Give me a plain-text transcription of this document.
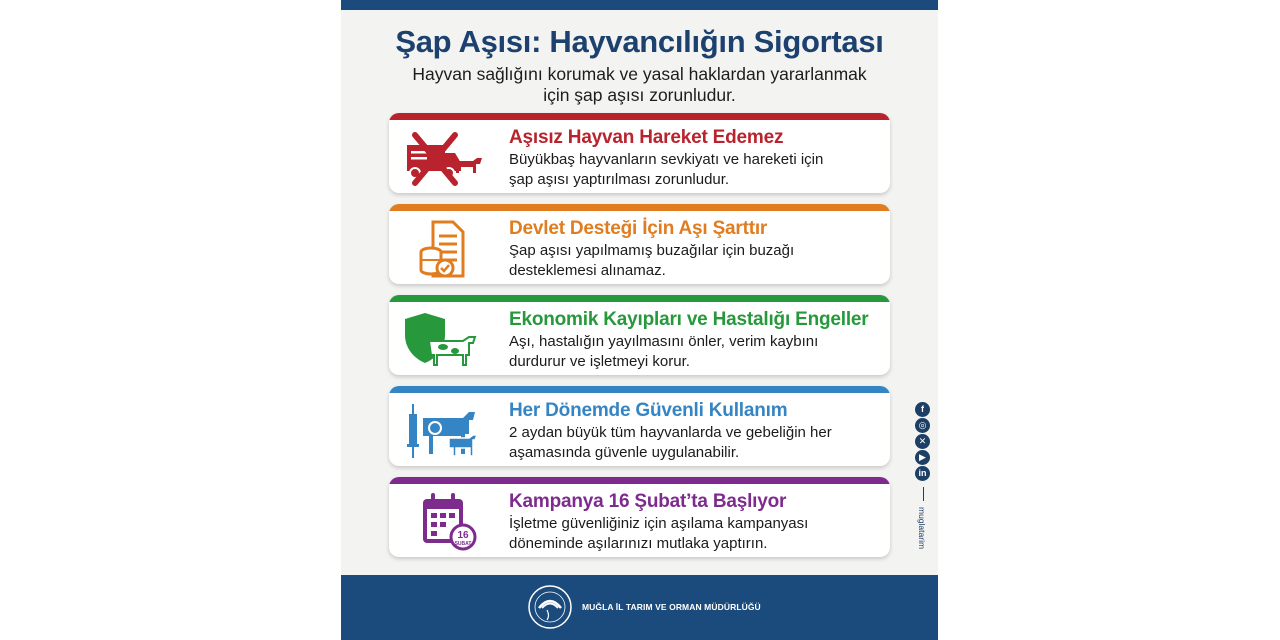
Şap Aşısı: Hayvancılığın Sigortası
Hayvan sağlığını korumak ve yasal haklardan yararlanmak
için şap aşısı zorunludur.
Aşısız Hayvan Hareket Edemez
Büyükbaş hayvanların sevkiyatı ve hareketi için
şap aşısı yaptırılması zorunludur.
Devlet Desteği İçin Aşı Şarttır
Şap aşısı yapılmamış buzağılar için buzağı
desteklemesi alınamaz.
Ekonomik Kayıpları ve Hastalığı Engeller
Aşı, hastalığın yayılmasını önler, verim kaybını
durdurur ve işletmeyi korur.
Her Dönemde Güvenli Kullanım
2 aydan büyük tüm hayvanlarda ve gebeliğin her
aşamasında güvenle uygulanabilir.
16
ŞUBAT
Kampanya 16 Şubat’ta Başlıyor
İşletme güvenliğiniz için aşılama kampanyası
döneminde aşılarınızı mutlaka yaptırın.
f
◎
✕
▶
in
muglatarim
MUĞLA İL TARIM VE ORMAN MÜDÜRLÜĞÜ
